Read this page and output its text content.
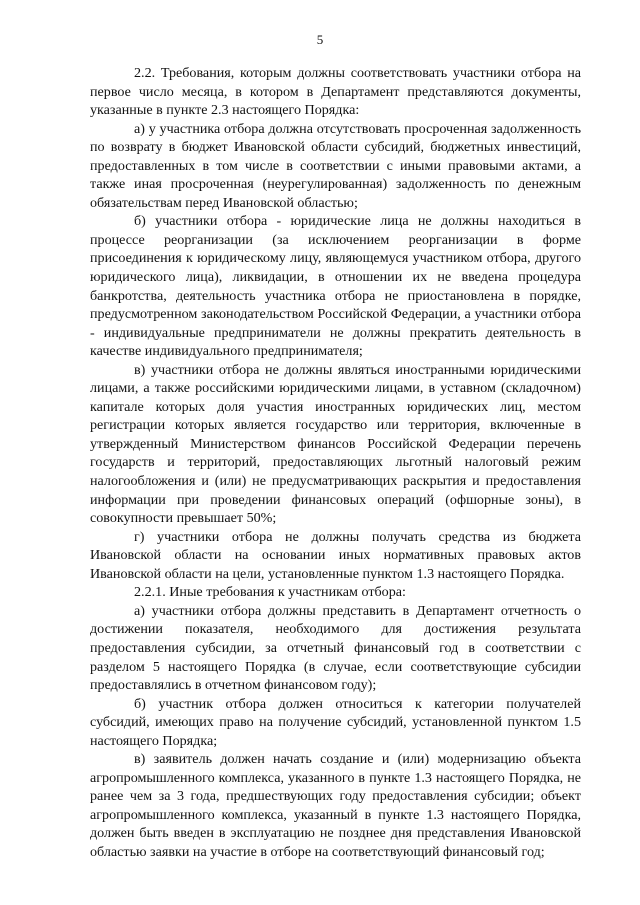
5

2.2. Требования, которым должны соответствовать участники отбора на первое число месяца, в котором в Департамент представляются документы, указанные в пункте 2.3 настоящего Порядка:

а) у участника отбора должна отсутствовать просроченная задолженность по возврату в бюджет Ивановской области субсидий, бюджетных инвестиций, предоставленных в том числе в соответствии с иными правовыми актами, а также иная просроченная (неурегулированная) задолженность по денежным обязательствам перед Ивановской областью;

б) участники отбора - юридические лица не должны находиться в процессе реорганизации (за исключением реорганизации в форме присоединения к юридическому лицу, являющемуся участником отбора, другого юридического лица), ликвидации, в отношении их не введена процедура банкротства, деятельность участника отбора не приостановлена в порядке, предусмотренном законодательством Российской Федерации, а участники отбора - индивидуальные предприниматели не должны прекратить деятельность в качестве индивидуального предпринимателя;

в) участники отбора не должны являться иностранными юридическими лицами, а также российскими юридическими лицами, в уставном (складочном) капитале которых доля участия иностранных юридических лиц, местом регистрации которых является государство или территория, включенные в утвержденный Министерством финансов Российской Федерации перечень государств и территорий, предоставляющих льготный налоговый режим налогообложения и (или) не предусматривающих раскрытия и предоставления информации при проведении финансовых операций (офшорные зоны), в совокупности превышает 50%;

г) участники отбора не должны получать средства из бюджета Ивановской области на основании иных нормативных правовых актов Ивановской области на цели, установленные пунктом 1.3 настоящего Порядка.

2.2.1. Иные требования к участникам отбора:

а) участники отбора должны представить в Департамент отчетность о достижении показателя, необходимого для достижения результата предоставления субсидии, за отчетный финансовый год в соответствии с разделом 5 настоящего Порядка (в случае, если соответствующие субсидии предоставлялись в отчетном финансовом году);

б) участник отбора должен относиться к категории получателей субсидий, имеющих право на получение субсидий, установленной пунктом 1.5 настоящего Порядка;

в) заявитель должен начать создание и (или) модернизацию объекта агропромышленного комплекса, указанного в пункте 1.3 настоящего Порядка, не ранее чем за 3 года, предшествующих году предоставления субсидии; объект агропромышленного комплекса, указанный в пункте 1.3 настоящего Порядка, должен быть введен в эксплуатацию не позднее дня представления Ивановской областью заявки на участие в отборе на соответствующий финансовый год;
